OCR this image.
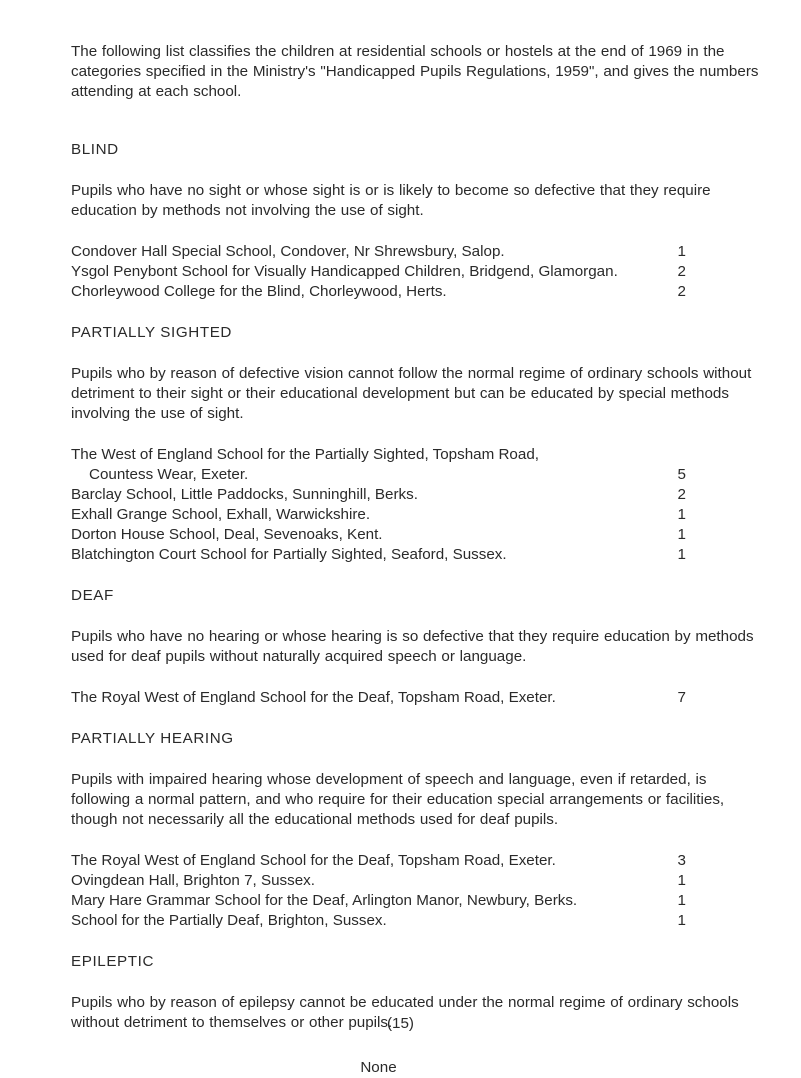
The following list classifies the children at residential schools or hostels at the end of 1969 in the categories specified in the Ministry's "Handicapped Pupils Regulations, 1959", and gives the numbers attending at each school.

BLIND

Pupils who have no sight or whose sight is or is likely to become so defective that they require education by methods not involving the use of sight.

Condover Hall Special School, Condover, Nr Shrewsbury, Salop.	1
Ysgol Penybont School for Visually Handicapped Children, Bridgend, Glamorgan.	2
Chorleywood College for the Blind, Chorleywood, Herts.	2

PARTIALLY SIGHTED

Pupils who by reason of defective vision cannot follow the normal regime of ordinary schools without detriment to their sight or their educational development but can be educated by special methods involving the use of sight.

The West of England School for the Partially Sighted, Topsham Road,
Countess Wear, Exeter.	5
Barclay School, Little Paddocks, Sunninghill, Berks.	2
Exhall Grange School, Exhall, Warwickshire.	1
Dorton House School, Deal, Sevenoaks, Kent.	1
Blatchington Court School for Partially Sighted, Seaford, Sussex.	1

DEAF

Pupils who have no hearing or whose hearing is so defective that they require education by methods used for deaf pupils without naturally acquired speech or language.

The Royal West of England School for the Deaf, Topsham Road, Exeter.	7

PARTIALLY HEARING

Pupils with impaired hearing whose development of speech and language, even if retarded, is following a normal pattern, and who require for their education special arrangements or facilities, though not necessarily all the educational methods used for deaf pupils.

The Royal West of England School for the Deaf, Topsham Road, Exeter.	3
Ovingdean Hall, Brighton 7, Sussex.	1
Mary Hare Grammar School for the Deaf, Arlington Manor, Newbury, Berks.	1
School for the Partially Deaf, Brighton, Sussex.	1

EPILEPTIC

Pupils who by reason of epilepsy cannot be educated under the normal regime of ordinary schools without detriment to themselves or other pupils.

None

(15)
